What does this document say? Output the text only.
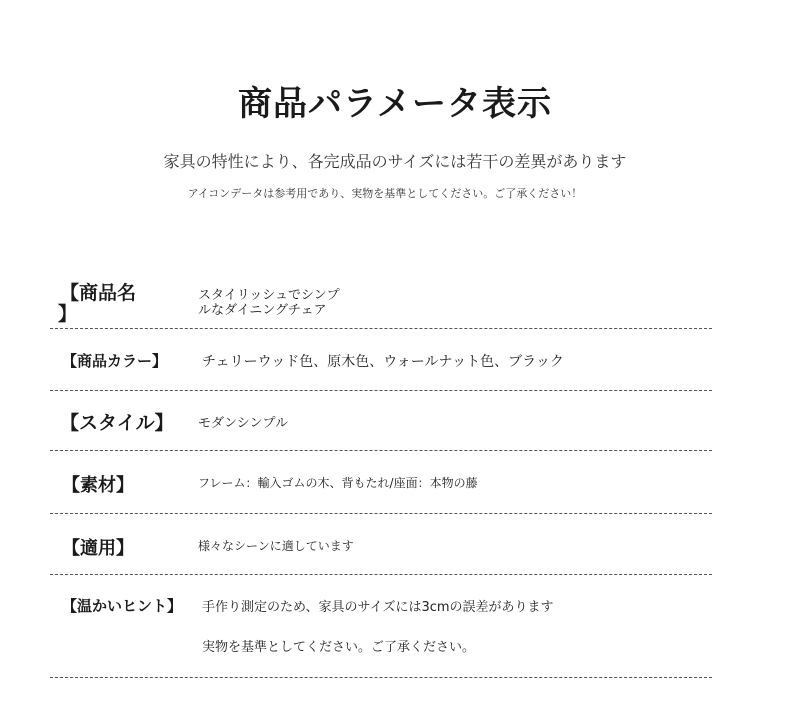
商品パラメータ表示
家具の特性により、各完成品のサイズには若干の差異があります
アイコンデータは参考用であり、実物を基準としてください。ご了承ください！
【商品名
】
スタイリッシュでシンプ
ルなダイニングチェア
【商品カラー】 チェリーウッド色、原木色、ウォールナット色、ブラック
【スタイル】 モダンシンプル
【素材】	フレーム：輸入ゴムの木、背もたれ/座面：本物の藤
【適用】	様々なシーンに適しています
【温かいヒント】 手作り測定のため、家具のサイズには3cmの誤差があります
実物を基準としてください。ご了承ください。
